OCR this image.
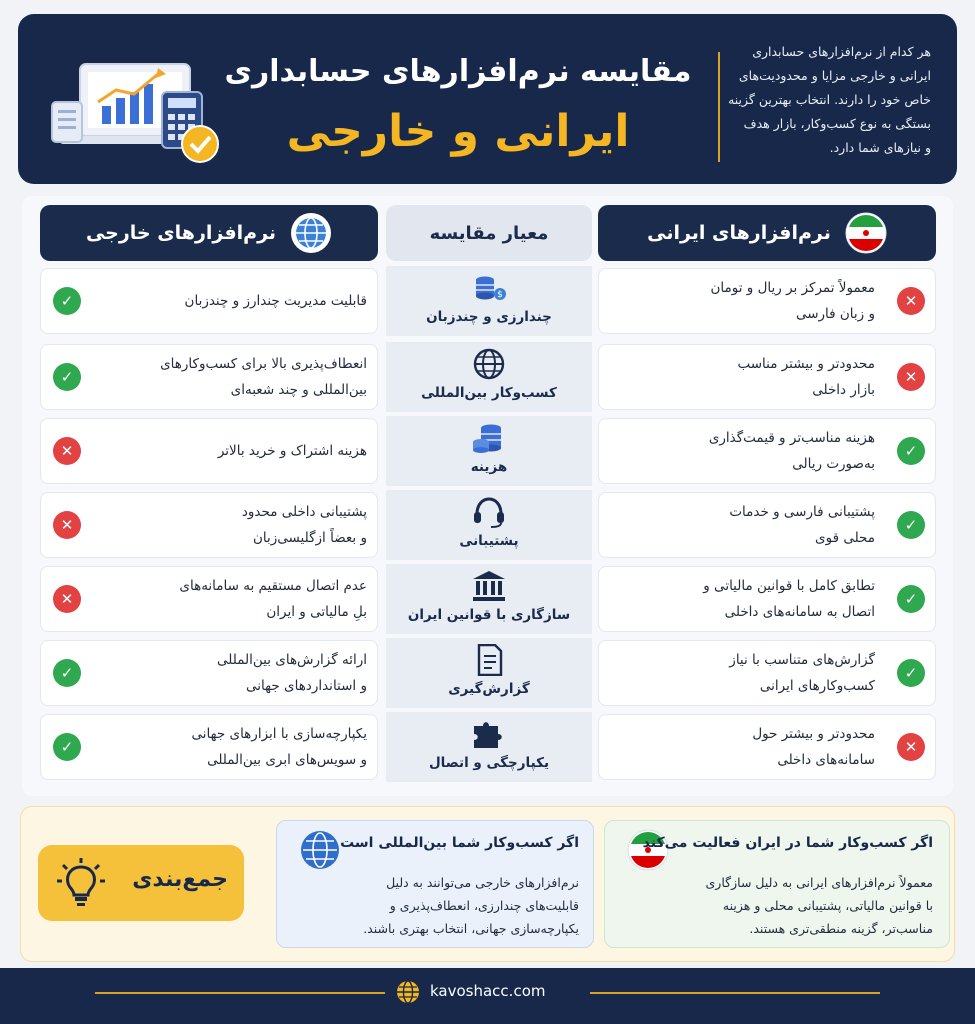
مقایسه نرم‌افزارهای حسابداری
ایرانی و خارجی
هر کدام از نرم‌افزارهای حسابداری
ایرانی و خارجی مزایا و محدودیت‌های
خاص خود را دارند. انتخاب بهترین گزینه
بستگی به نوع کسب‌وکار، بازار هدف
و نیازهای شما دارد.
نرم‌افزارهای ایرانی
معیار مقایسه
نرم‌افزارهای خارجی
معمولاً تمرکز بر ریال و تومان
و زبان فارسی
✕
قابلیت مدیریت چندارز و چندزبان
✓	$
چندارزی و چندزبان
محدودتر و بیشتر مناسب
بازار داخلی
✕
انعطاف‌پذیری بالا برای کسب‌وکارهای
بین‌المللی و چند شعبه‌ای
✓
کسب‌وکار بین‌المللی
هزینه مناسب‌تر و قیمت‌گذاری
به‌صورت ریالی
✓
هزینه اشتراک و خرید بالاتر
✕
هزینه
پشتیبانی فارسی و خدمات
محلی قوی
✓
پشتیبانی داخلی محدود
و بعضاً ازگلیسی‌زبان
✕
پشتیبانی
تطابق کامل با قوانین مالیاتی و
اتصال به سامانه‌های داخلی
✓
عدم اتصال مستقیم به سامانه‌های
بلِ مالیاتی و ایران
✕
سازگاری با قوانین ایران
گزارش‌های متناسب با نیاز
کسب‌وکارهای ایرانی
✓
ارائه گزارش‌های بین‌المللی
و استانداردهای جهانی
✓
گزارش‌گیری
محدودتر و بیشتر حول
سامانه‌های داخلی
✕
یکپارچه‌سازی با ابزارهای جهانی
و سویس‌های ابری بین‌المللی
✓
یکپارچگی و اتصال
اگر کسب‌وکار شما در ایران فعالیت می‌کند
معمولاً نرم‌افزارهای ایرانی به دلیل سازگاری
با قوانین مالیاتی، پشتیبانی محلی و هزینه
مناسب‌تر، گزینه منطقی‌تری هستند.
اگر کسب‌وکار شما بین‌المللی است
نرم‌افزارهای خارجی می‌توانند به دلیل
قابلیت‌های چندارزی، انعطاف‌پذیری و
یکپارچه‌سازی جهانی، انتخاب بهتری باشند.
جمع‌بندی
kavoshacc.com
